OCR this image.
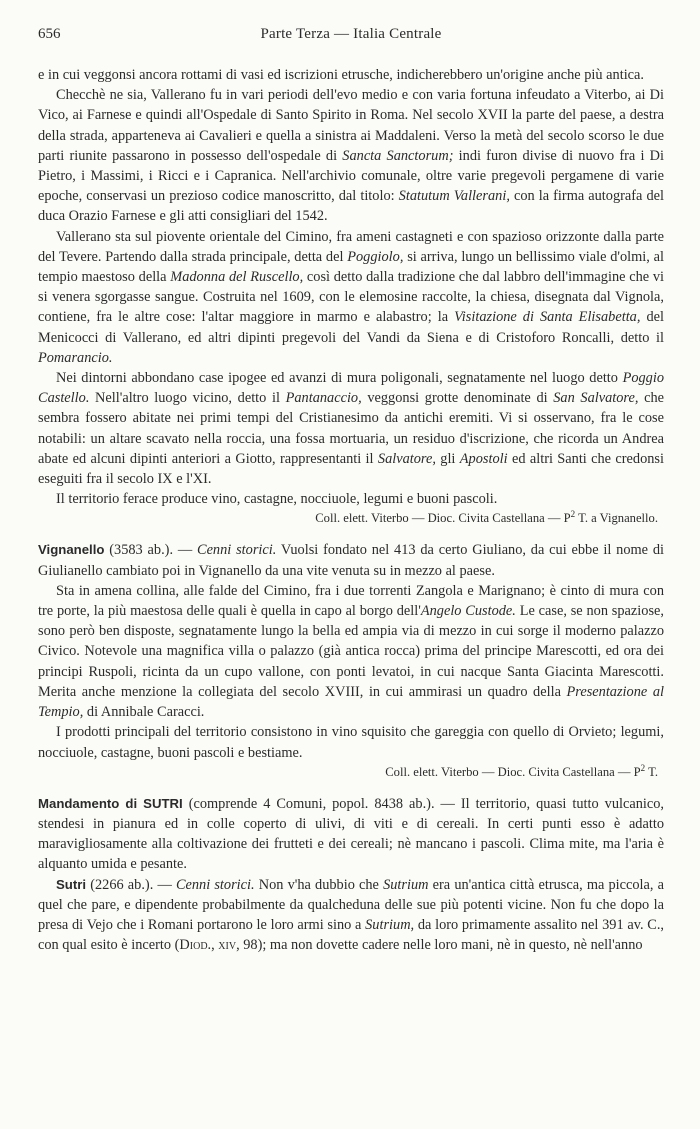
656	Parte Terza — Italia Centrale

e in cui veggonsi ancora rottami di vasi ed iscrizioni etrusche, indicherebbero un'origine anche più antica.

Checchè ne sia, Vallerano fu in vari periodi dell'evo medio e con varia fortuna infeudato a Viterbo, ai Di Vico, ai Farnese e quindi all'Ospedale di Santo Spirito in Roma. Nel secolo XVII la parte del paese, a destra della strada, apparteneva ai Cavalieri e quella a sinistra ai Maddaleni. Verso la metà del secolo scorso le due parti riunite passarono in possesso dell'ospedale di Sancta Sanctorum; indi furon divise di nuovo fra i Di Pietro, i Massimi, i Ricci e i Capranica. Nell'archivio comunale, oltre varie pregevoli pergamene di varie epoche, conservasi un prezioso codice manoscritto, dal titolo: Statutum Vallerani, con la firma autografa del duca Orazio Farnese e gli atti consigliari del 1542.

Vallerano sta sul piovente orientale del Cimino, fra ameni castagneti e con spazioso orizzonte dalla parte del Tevere. Partendo dalla strada principale, detta del Poggiolo, si arriva, lungo un bellissimo viale d'olmi, al tempio maestoso della Madonna del Ruscello, così detto dalla tradizione che dal labbro dell'immagine che vi si venera sgorgasse sangue. Costruita nel 1609, con le elemosine raccolte, la chiesa, disegnata dal Vignola, contiene, fra le altre cose: l'altar maggiore in marmo e alabastro; la Visitazione di Santa Elisabetta, del Menicocci di Vallerano, ed altri dipinti pregevoli del Vandi da Siena e di Cristoforo Roncalli, detto il Pomarancio.

Nei dintorni abbondano case ipogee ed avanzi di mura poligonali, segnatamente nel luogo detto Poggio Castello. Nell'altro luogo vicino, detto il Pantanaccio, veggonsi grotte denominate di San Salvatore, che sembra fossero abitate nei primi tempi del Cristianesimo da antichi eremiti. Vi si osservano, fra le cose notabili: un altare scavato nella roccia, una fossa mortuaria, un residuo d'iscrizione, che ricorda un Andrea abate ed alcuni dipinti anteriori a Giotto, rappresentanti il Salvatore, gli Apostoli ed altri Santi che credonsi eseguiti fra il secolo IX e l'XI.

Il territorio ferace produce vino, castagne, nocciuole, legumi e buoni pascoli.

Coll. elett. Viterbo — Dioc. Civita Castellana — $P^2$ T. a Vignanello.

Vignanello (3583 ab.). — Cenni storici. Vuolsi fondato nel 413 da certo Giuliano, da cui ebbe il nome di Giulianello cambiato poi in Vignanello da una vite venuta su in mezzo al paese.

Sta in amena collina, alle falde del Cimino, fra i due torrenti Zangola e Marignano; è cinto di mura con tre porte, la più maestosa delle quali è quella in capo al borgo dell'Angelo Custode. Le case, se non spaziose, sono però ben disposte, segnatamente lungo la bella ed ampia via di mezzo in cui sorge il moderno palazzo Civico. Notevole una magnifica villa o palazzo (già antica rocca) prima del principe Marescotti, ed ora dei principi Ruspoli, ricinta da un cupo vallone, con ponti levatoi, in cui nacque Santa Giacinta Marescotti. Merita anche menzione la collegiata del secolo XVIII, in cui ammirasi un quadro della Presentazione al Tempio, di Annibale Caracci.

I prodotti principali del territorio consistono in vino squisito che gareggia con quello di Orvieto; legumi, nocciuole, castagne, buoni pascoli e bestiame.

Coll. elett. Viterbo — Dioc. Civita Castellana — $P^2$ T.

Mandamento di SUTRI (comprende 4 Comuni, popol. 8438 ab.). — Il territorio, quasi tutto vulcanico, stendesi in pianura ed in colle coperto di ulivi, di viti e di cereali. In certi punti esso è adatto maravigliosamente alla coltivazione dei frutteti e dei cereali; nè mancano i pascoli. Clima mite, ma l'aria è alquanto umida e pesante.

Sutri (2266 ab.). — Cenni storici. Non v'ha dubbio che Sutrium era un'antica città etrusca, ma piccola, a quel che pare, e dipendente probabilmente da qualcheduna delle sue più potenti vicine. Non fu che dopo la presa di Vejo che i Romani portarono le loro armi sino a Sutrium, da loro primamente assalito nel 391 av. C., con qual esito è incerto (Diod., xiv, 98); ma non dovette cadere nelle loro mani, nè in questo, nè nell'anno
